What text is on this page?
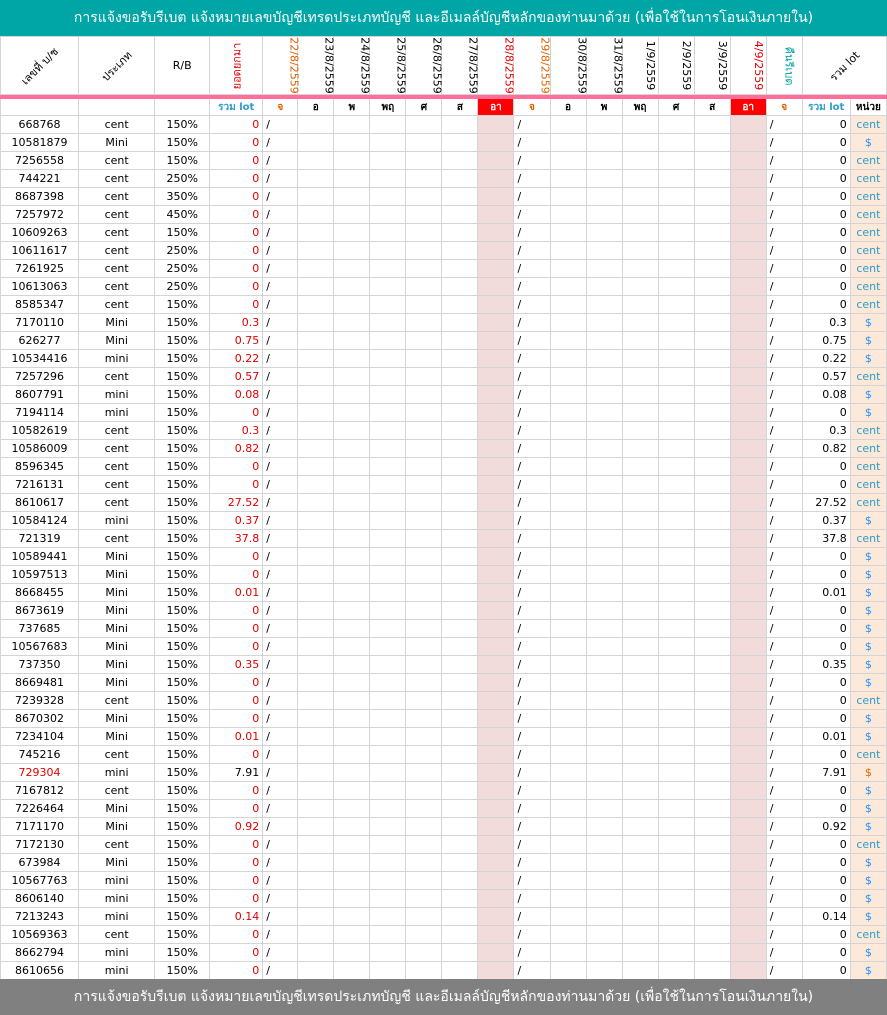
การแจ้งขอรับรีเบต แจ้งหมายเลขบัญชีเทรดประเภทบัญชี และอีเมลล์บัญชีหลักของท่านมาด้วย (เพื่อใช้ในการโอนเงินภายใน)
เลขที่ บ/ช	ประเภท	R/B	ยอดยกมา	22/8/2559	23/8/2559	24/8/2559	25/8/2559	26/8/2559	27/8/2559	28/8/2559	29/8/2559	30/8/2559	31/8/2559	1/9/2559	2/9/2559	3/9/2559	4/9/2559	คืนรีเบต	รวม lot	

			รวม lot	จ	อ	พ	พฤ	ศ	ส	อา	จ	อ	พ	พฤ	ศ	ส	อา	จ	รวม lot	หน่วย
668768	cent	150%	0	/							/							/	0	cent
10581879	Mini	150%	0	/							/							/	0	$
7256558	cent	150%	0	/							/							/	0	cent
744221	cent	250%	0	/							/							/	0	cent
8687398	cent	350%	0	/							/							/	0	cent
7257972	cent	450%	0	/							/							/	0	cent
10609263	cent	150%	0	/							/							/	0	cent
10611617	cent	250%	0	/							/							/	0	cent
7261925	cent	250%	0	/							/							/	0	cent
10613063	cent	250%	0	/							/							/	0	cent
8585347	cent	150%	0	/							/							/	0	cent
7170110	Mini	150%	0.3	/							/							/	0.3	$
626277	Mini	150%	0.75	/							/							/	0.75	$
10534416	mini	150%	0.22	/							/							/	0.22	$
7257296	cent	150%	0.57	/							/							/	0.57	cent
8607791	mini	150%	0.08	/							/							/	0.08	$
7194114	mini	150%	0	/							/							/	0	$
10582619	cent	150%	0.3	/							/							/	0.3	cent
10586009	cent	150%	0.82	/							/							/	0.82	cent
8596345	cent	150%	0	/							/							/	0	cent
7216131	cent	150%	0	/							/							/	0	cent
8610617	cent	150%	27.52	/							/							/	27.52	cent
10584124	mini	150%	0.37	/							/							/	0.37	$
721319	cent	150%	37.8	/							/							/	37.8	cent
10589441	Mini	150%	0	/							/							/	0	$
10597513	Mini	150%	0	/							/							/	0	$
8668455	Mini	150%	0.01	/							/							/	0.01	$
8673619	Mini	150%	0	/							/							/	0	$
737685	Mini	150%	0	/							/							/	0	$
10567683	Mini	150%	0	/							/							/	0	$
737350	Mini	150%	0.35	/							/							/	0.35	$
8669481	Mini	150%	0	/							/							/	0	$
7239328	cent	150%	0	/							/							/	0	cent
8670302	Mini	150%	0	/							/							/	0	$
7234104	Mini	150%	0.01	/							/							/	0.01	$
745216	cent	150%	0	/							/							/	0	cent
729304	mini	150%	7.91	/							/							/	7.91	$
7167812	cent	150%	0	/							/							/	0	$
7226464	Mini	150%	0	/							/							/	0	$
7171170	Mini	150%	0.92	/							/							/	0.92	$
7172130	cent	150%	0	/							/							/	0	cent
673984	Mini	150%	0	/							/							/	0	$
10567763	mini	150%	0	/							/							/	0	$
8606140	mini	150%	0	/							/							/	0	$
7213243	mini	150%	0.14	/							/							/	0.14	$
10569363	cent	150%	0	/							/							/	0	cent
8662794	mini	150%	0	/							/							/	0	$
8610656	mini	150%	0	/							/							/	0	$
การแจ้งขอรับรีเบต แจ้งหมายเลขบัญชีเทรดประเภทบัญชี และอีเมลล์บัญชีหลักของท่านมาด้วย (เพื่อใช้ในการโอนเงินภายใน)
